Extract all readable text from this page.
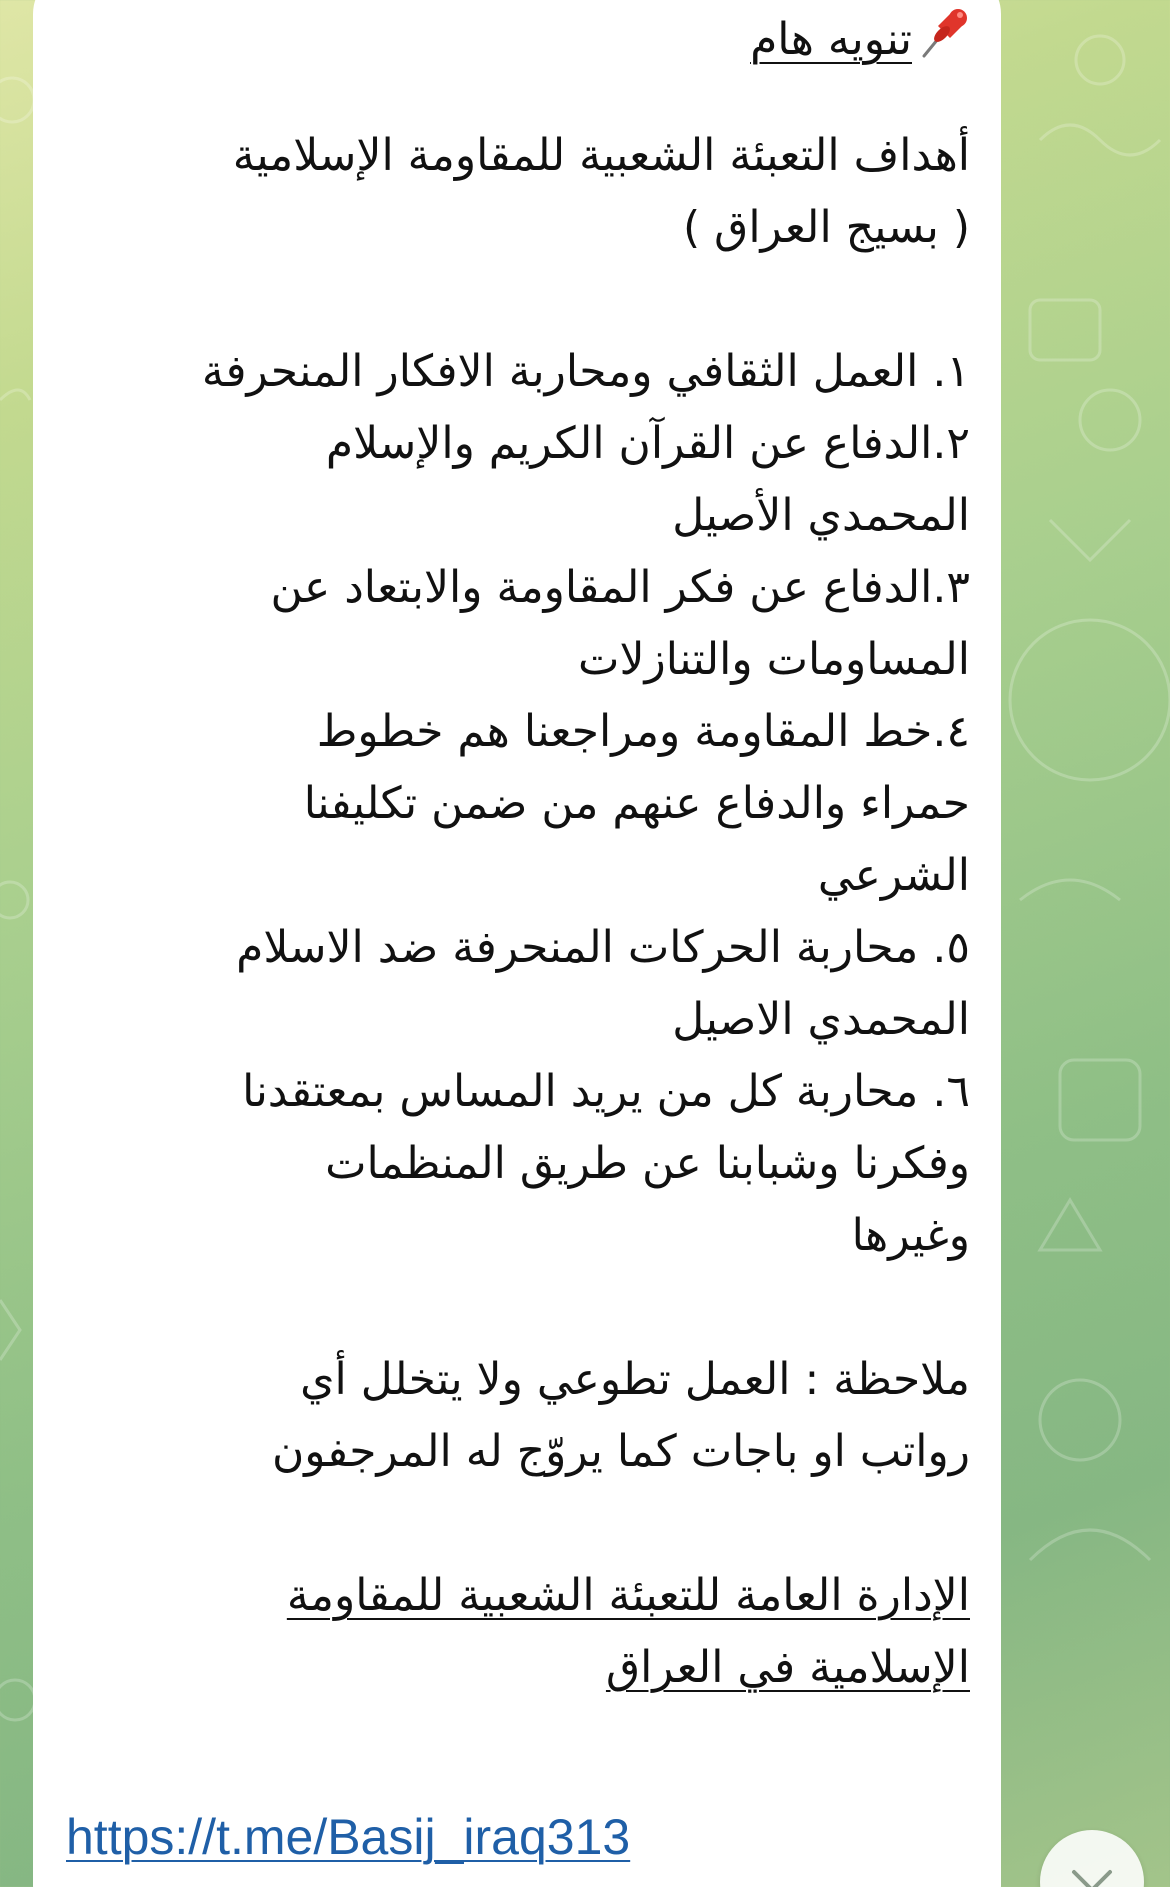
تنويه هام
أهداف التعبئة الشعبية للمقاومة الإسلامية
( بسيج العراق )
١. العمل الثقافي ومحاربة الافكار المنحرفة
٢.الدفاع عن القرآن الكريم والإسلام
المحمدي الأصيل
٣.الدفاع عن فكر المقاومة والابتعاد عن
المساومات والتنازلات
٤.خط المقاومة ومراجعنا هم خطوط
حمراء والدفاع عنهم من ضمن تكليفنا
الشرعي
٥. محاربة الحركات المنحرفة ضد الاسلام
المحمدي الاصيل
٦. محاربة كل من يريد المساس بمعتقدنا
وفكرنا وشبابنا عن طريق المنظمات
وغيرها
ملاحظة : العمل تطوعي ولا يتخلل أي
رواتب او باجات كما يروّج له المرجفون
الإدارة العامة للتعبئة الشعبية للمقاومة
الإسلامية في العراق
https://t.me/Basij_iraq313
